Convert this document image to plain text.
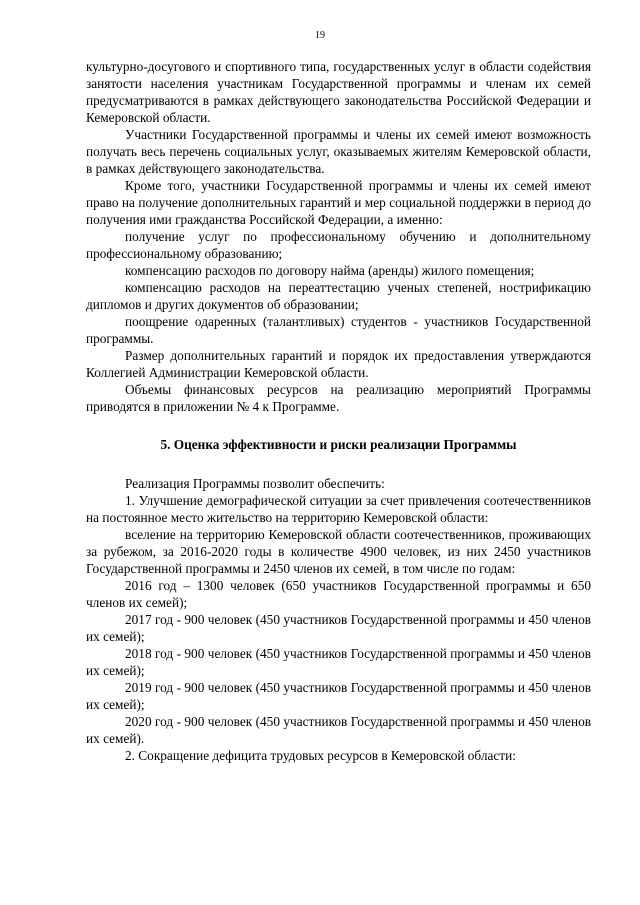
19

культурно-досугового и спортивного типа, государственных услуг в области содействия занятости населения участникам Государственной программы и членам их семей предусматриваются в рамках действующего законодательства Российской Федерации и Кемеровской области.

Участники Государственной программы и члены их семей имеют возможность получать весь перечень социальных услуг, оказываемых жителям Кемеровской области, в рамках действующего законодательства.

Кроме того, участники Государственной программы и члены их семей имеют право на получение дополнительных гарантий и мер социальной поддержки в период до получения ими гражданства Российской Федерации, а именно:

получение услуг по профессиональному обучению и дополнительному профессиональному образованию;

компенсацию расходов по договору найма (аренды) жилого помещения;

компенсацию расходов на переаттестацию ученых степеней, нострификацию дипломов и других документов об образовании;

поощрение одаренных (талантливых) студентов - участников Государственной программы.

Размер дополнительных гарантий и порядок их предоставления утверждаются Коллегией Администрации Кемеровской области.

Объемы финансовых ресурсов на реализацию мероприятий Программы приводятся в приложении № 4 к Программе.

5. Оценка эффективности и риски реализации Программы

Реализация Программы позволит обеспечить:

1. Улучшение демографической ситуации за счет привлечения соотечественников на постоянное место жительство на территорию Кемеровской области:

вселение на территорию Кемеровской области соотечественников, проживающих за рубежом, за 2016-2020 годы в количестве 4900 человек, из них 2450 участников Государственной программы и 2450 членов их семей, в том числе по годам:

2016 год – 1300 человек (650 участников Государственной программы и 650 членов их семей);

2017 год - 900 человек (450 участников Государственной программы и 450 членов их семей);

2018 год - 900 человек (450 участников Государственной программы и 450 членов их семей);

2019 год - 900 человек (450 участников Государственной программы и 450 членов их семей);

2020 год - 900 человек (450 участников Государственной программы и 450 членов их семей).

2. Сокращение дефицита трудовых ресурсов в Кемеровской области:
